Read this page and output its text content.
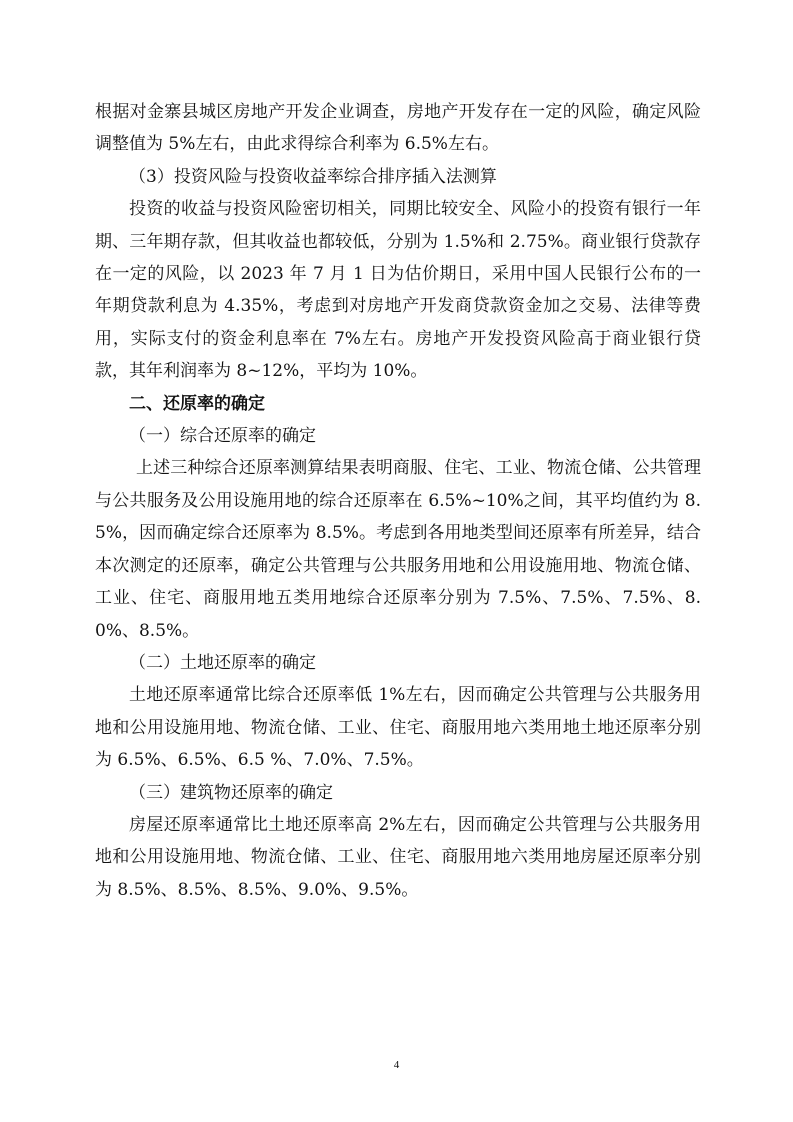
根据对金寨县城区房地产开发企业调查，房地产开发存在一定的风险，确定风险调整值为 5%左右，由此求得综合利率为 6.5%左右。

（3）投资风险与投资收益率综合排序插入法测算

投资的收益与投资风险密切相关，同期比较安全、风险小的投资有银行一年期、三年期存款，但其收益也都较低，分别为 1.5%和 2.75%。商业银行贷款存在一定的风险，以 2023 年 7 月 1 日为估价期日，采用中国人民银行公布的一年期贷款利息为 4.35%，考虑到对房地产开发商贷款资金加之交易、法律等费用，实际支付的资金利息率在 7%左右。房地产开发投资风险高于商业银行贷款，其年利润率为 8~12%，平均为 10%。

二、还原率的确定

（一）综合还原率的确定

上述三种综合还原率测算结果表明商服、住宅、工业、物流仓储、公共管理与公共服务及公用设施用地的综合还原率在 6.5%~10%之间，其平均值约为 8.5%，因而确定综合还原率为 8.5%。考虑到各用地类型间还原率有所差异，结合本次测定的还原率，确定公共管理与公共服务用地和公用设施用地、物流仓储、工业、住宅、商服用地五类用地综合还原率分别为 7.5%、7.5%、7.5%、8.0%、8.5%。

（二）土地还原率的确定

土地还原率通常比综合还原率低 1%左右，因而确定公共管理与公共服务用地和公用设施用地、物流仓储、工业、住宅、商服用地六类用地土地还原率分别为 6.5%、6.5%、6.5 %、7.0%、7.5%。

（三）建筑物还原率的确定

房屋还原率通常比土地还原率高 2%左右，因而确定公共管理与公共服务用地和公用设施用地、物流仓储、工业、住宅、商服用地六类用地房屋还原率分别为 8.5%、8.5%、8.5%、9.0%、9.5%。

4
